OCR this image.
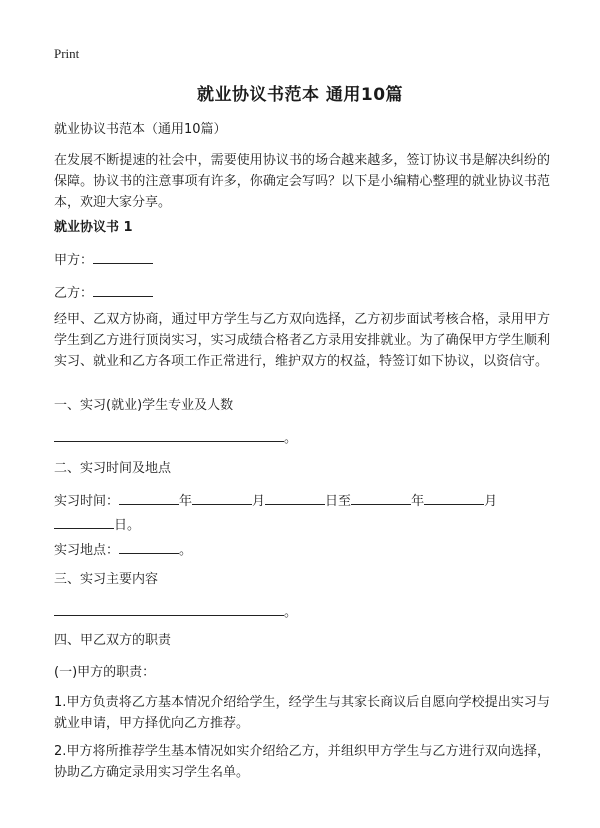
Print
就业协议书范本 通用10篇
就业协议书范本（通用10篇）
在发展不断提速的社会中，需要使用协议书的场合越来越多，签订协议书是解决纠纷的保障。协议书的注意事项有许多，你确定会写吗？以下是小编精心整理的就业协议书范本，欢迎大家分享。
就业协议书 1
甲方：
乙方：
经甲、乙双方协商，通过甲方学生与乙方双向选择，乙方初步面试考核合格，录用甲方学生到乙方进行顶岗实习，实习成绩合格者乙方录用安排就业。为了确保甲方学生顺利实习、就业和乙方各项工作正常进行，维护双方的权益，特签订如下协议，以资信守。
一、实习(就业)学生专业及人数
。
二、实习时间及地点
实习时间：	年	月	日至	年	月
日。
实习地点：	。
三、实习主要内容
。
四、甲乙双方的职责
(一)甲方的职责：
1.甲方负责将乙方基本情况介绍给学生，经学生与其家长商议后自愿向学校提出实习与就业申请，甲方择优向乙方推荐。
2.甲方将所推荐学生基本情况如实介绍给乙方，并组织甲方学生与乙方进行双向选择，协助乙方确定录用实习学生名单。
